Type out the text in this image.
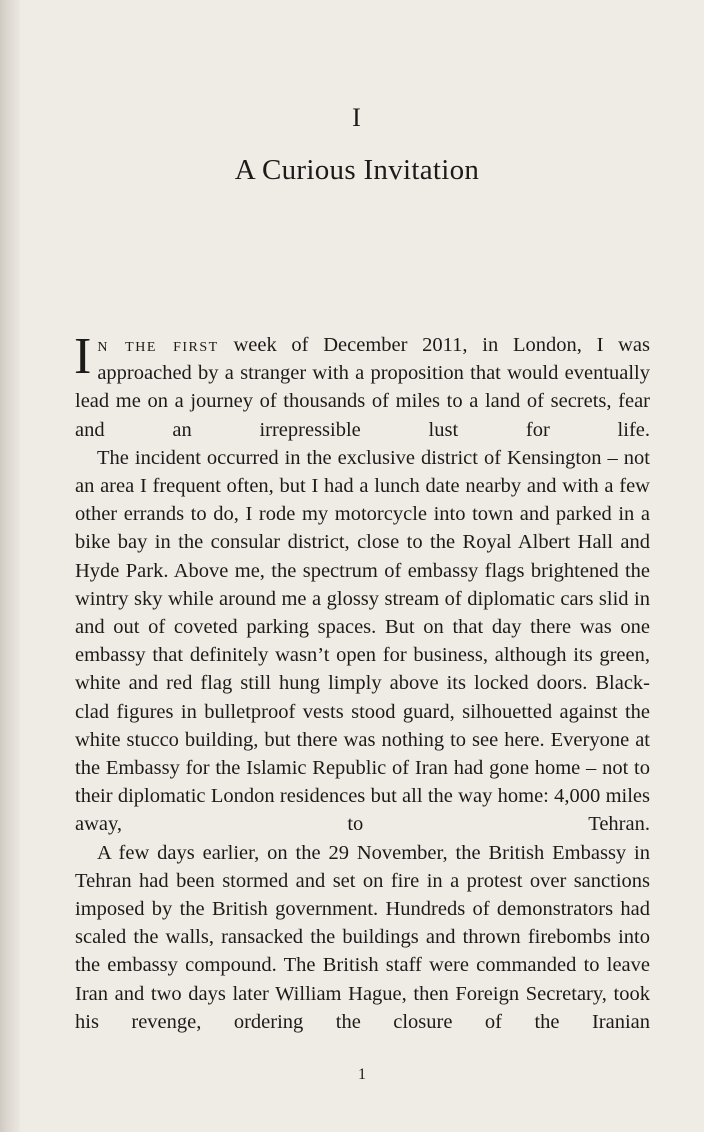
I
A Curious Invitation

In the first week of December 2011, in London, I was approached by a stranger with a proposition that would eventually lead me on a journey of thousands of miles to a land of secrets, fear and an irrepressible lust for life.

The incident occurred in the exclusive district of Kensington – not an area I frequent often, but I had a lunch date nearby and with a few other errands to do, I rode my motorcycle into town and parked in a bike bay in the consular district, close to the Royal Albert Hall and Hyde Park. Above me, the spectrum of embassy flags brightened the wintry sky while around me a glossy stream of diplomatic cars slid in and out of coveted parking spaces. But on that day there was one embassy that definitely wasn’t open for business, although its green, white and red flag still hung limply above its locked doors. Black-clad figures in bulletproof vests stood guard, silhouetted against the white stucco building, but there was nothing to see here. Everyone at the Embassy for the Islamic Republic of Iran had gone home – not to their diplomatic London residences but all the way home: 4,000 miles away, to Tehran.

A few days earlier, on the 29 November, the British Embassy in Tehran had been stormed and set on fire in a protest over sanctions imposed by the British government. Hundreds of demonstrators had scaled the walls, ransacked the buildings and thrown firebombs into the embassy compound. The British staff were commanded to leave Iran and two days later William Hague, then Foreign Secretary, took his revenge, ordering the closure of the Iranian

1
